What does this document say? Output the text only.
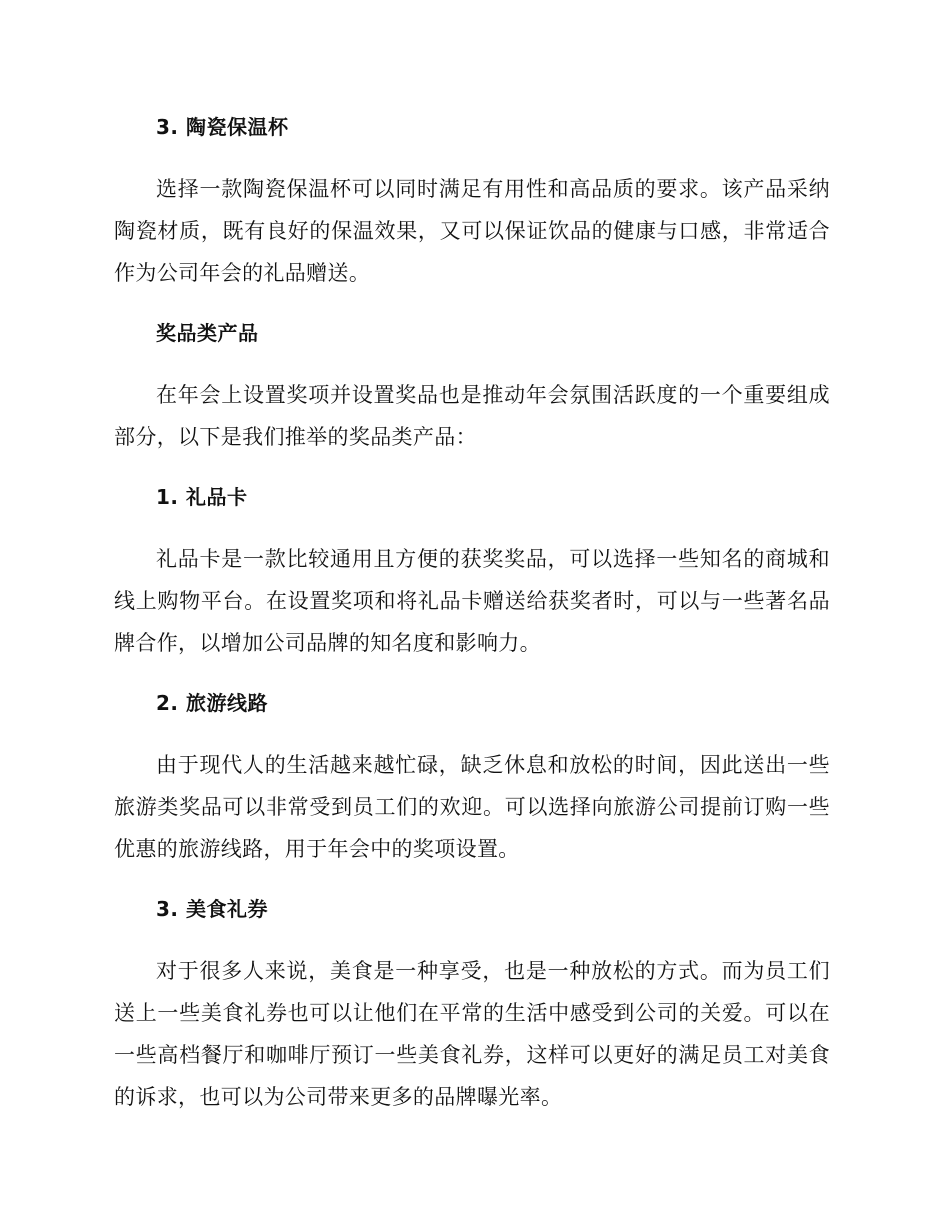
3. 陶瓷保温杯

选择一款陶瓷保温杯可以同时满足有用性和高品质的要求。该产品采纳陶瓷材质，既有良好的保温效果，又可以保证饮品的健康与口感，非常适合作为公司年会的礼品赠送。

奖品类产品

在年会上设置奖项并设置奖品也是推动年会氛围活跃度的一个重要组成部分，以下是我们推举的奖品类产品：

1. 礼品卡

礼品卡是一款比较通用且方便的获奖奖品，可以选择一些知名的商城和线上购物平台。在设置奖项和将礼品卡赠送给获奖者时，可以与一些著名品牌合作，以增加公司品牌的知名度和影响力。

2. 旅游线路

由于现代人的生活越来越忙碌，缺乏休息和放松的时间，因此送出一些旅游类奖品可以非常受到员工们的欢迎。可以选择向旅游公司提前订购一些优惠的旅游线路，用于年会中的奖项设置。

3. 美食礼券

对于很多人来说，美食是一种享受，也是一种放松的方式。而为员工们送上一些美食礼券也可以让他们在平常的生活中感受到公司的关爱。可以在一些高档餐厅和咖啡厅预订一些美食礼券，这样可以更好的满足员工对美食的诉求，也可以为公司带来更多的品牌曝光率。
